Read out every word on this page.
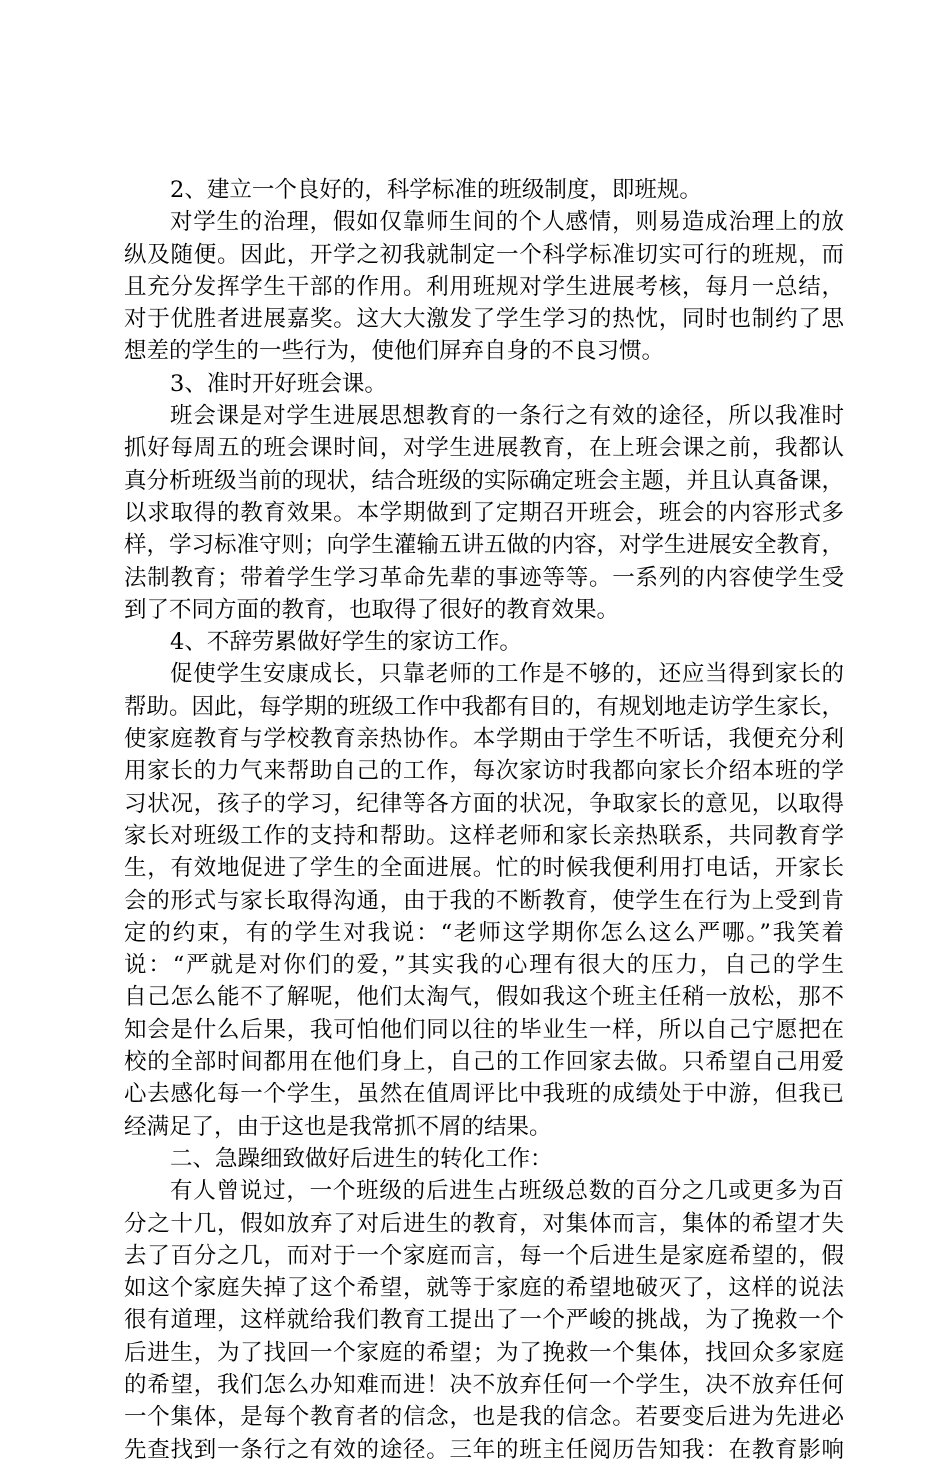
2、建立一个良好的，科学标准的班级制度，即班规。
对学生的治理，假如仅靠师生间的个人感情，则易造成治理上的放
纵及随便。因此，开学之初我就制定一个科学标准切实可行的班规，而
且充分发挥学生干部的作用。利用班规对学生进展考核，每月一总结，
对于优胜者进展嘉奖。这大大激发了学生学习的热忱，同时也制约了思
想差的学生的一些行为，使他们屏弃自身的不良习惯。
3、准时开好班会课。
班会课是对学生进展思想教育的一条行之有效的途径，所以我准时
抓好每周五的班会课时间，对学生进展教育，在上班会课之前，我都认
真分析班级当前的现状，结合班级的实际确定班会主题，并且认真备课，
以求取得的教育效果。本学期做到了定期召开班会，班会的内容形式多
样，学习标准守则；向学生灌输五讲五做的内容，对学生进展安全教育，
法制教育；带着学生学习革命先辈的事迹等等。一系列的内容使学生受
到了不同方面的教育，也取得了很好的教育效果。
4、不辞劳累做好学生的家访工作。
促使学生安康成长，只靠老师的工作是不够的，还应当得到家长的
帮助。因此，每学期的班级工作中我都有目的，有规划地走访学生家长，
使家庭教育与学校教育亲热协作。本学期由于学生不听话，我便充分利
用家长的力气来帮助自己的工作，每次家访时我都向家长介绍本班的学
习状况，孩子的学习，纪律等各方面的状况，争取家长的意见，以取得
家长对班级工作的支持和帮助。这样老师和家长亲热联系，共同教育学
生，有效地促进了学生的全面进展。忙的时候我便利用打电话，开家长
会的形式与家长取得沟通，由于我的不断教育，使学生在行为上受到肯
定的约束，有的学生对我说：“老师这学期你怎么这么严哪。”我笑着
说：“严就是对你们的爱，”其实我的心理有很大的压力，自己的学生
自己怎么能不了解呢，他们太淘气，假如我这个班主任稍一放松，那不
知会是什么后果，我可怕他们同以往的毕业生一样，所以自己宁愿把在
校的全部时间都用在他们身上，自己的工作回家去做。只希望自己用爱
心去感化每一个学生，虽然在值周评比中我班的成绩处于中游，但我已
经满足了，由于这也是我常抓不屑的结果。
二、急躁细致做好后进生的转化工作：
有人曾说过，一个班级的后进生占班级总数的百分之几或更多为百
分之十几，假如放弃了对后进生的教育，对集体而言，集体的希望才失
去了百分之几，而对于一个家庭而言，每一个后进生是家庭希望的，假
如这个家庭失掉了这个希望，就等于家庭的希望地破灭了，这样的说法
很有道理，这样就给我们教育工提出了一个严峻的挑战，为了挽救一个
后进生，为了找回一个家庭的希望；为了挽救一个集体，找回众多家庭
的希望，我们怎么办知难而进！决不放弃任何一个学生，决不放弃任何
一个集体，是每个教育者的信念，也是我的信念。若要变后进为先进必
先查找到一条行之有效的途径。三年的班主任阅历告知我：在教育影响
